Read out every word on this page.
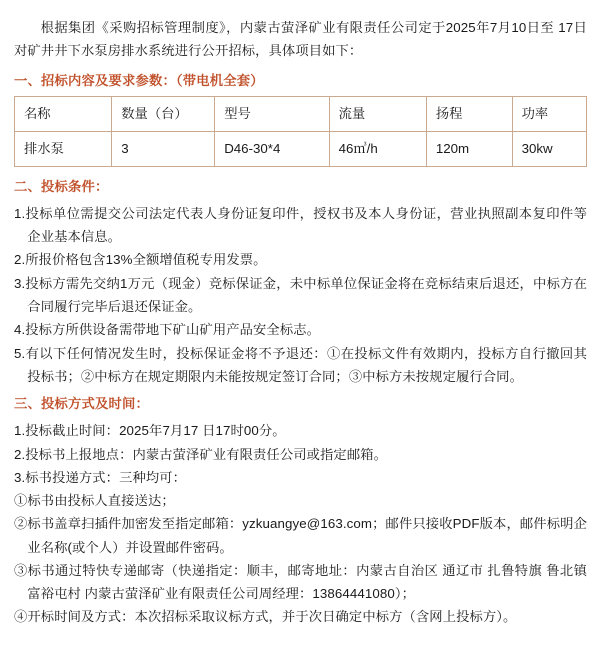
根据集团《采购招标管理制度》，内蒙古萤泽矿业有限责任公司定于2025年7月10日至 17日对矿井井下水泵房排水系统进行公开招标，具体项目如下：

一、招标内容及要求参数：（带电机全套）
名称	数量（台）	型号	流量	扬程	功率
排水泵	3	D46-30*4	46㎥/h	120m	30kw
二、投标条件：

1.投标单位需提交公司法定代表人身份证复印件，授权书及本人身份证，营业执照副本复印件等企业基本信息。

2.所报价格包含13%全额增值税专用发票。

3.投标方需先交纳1万元（现金）竞标保证金，未中标单位保证金将在竞标结束后退还，中标方在合同履行完毕后退还保证金。

4.投标方所供设备需带地下矿山矿用产品安全标志。

5.有以下任何情况发生时，投标保证金将不予退还：①在投标文件有效期内，投标方自行撤回其投标书；②中标方在规定期限内未能按规定签订合同；③中标方未按规定履行合同。

三、投标方式及时间：

1.投标截止时间：2025年7月17 日17时00分。

2.投标书上报地点：内蒙古萤泽矿业有限责任公司或指定邮箱。

3.标书投递方式：三种均可：

①标书由投标人直接送达；

②标书盖章扫插件加密发至指定邮箱：yzkuangye@163.com；邮件只接收PDF版本，邮件标明企业名称(或个人）并设置邮件密码。

③标书通过特快专递邮寄（快递指定：顺丰，邮寄地址：内蒙古自治区 通辽市 扎鲁特旗 鲁北镇 富裕屯村 内蒙古萤泽矿业有限责任公司周经理：13864441080）；

④开标时间及方式：本次招标采取议标方式，并于次日确定中标方（含网上投标方）。
